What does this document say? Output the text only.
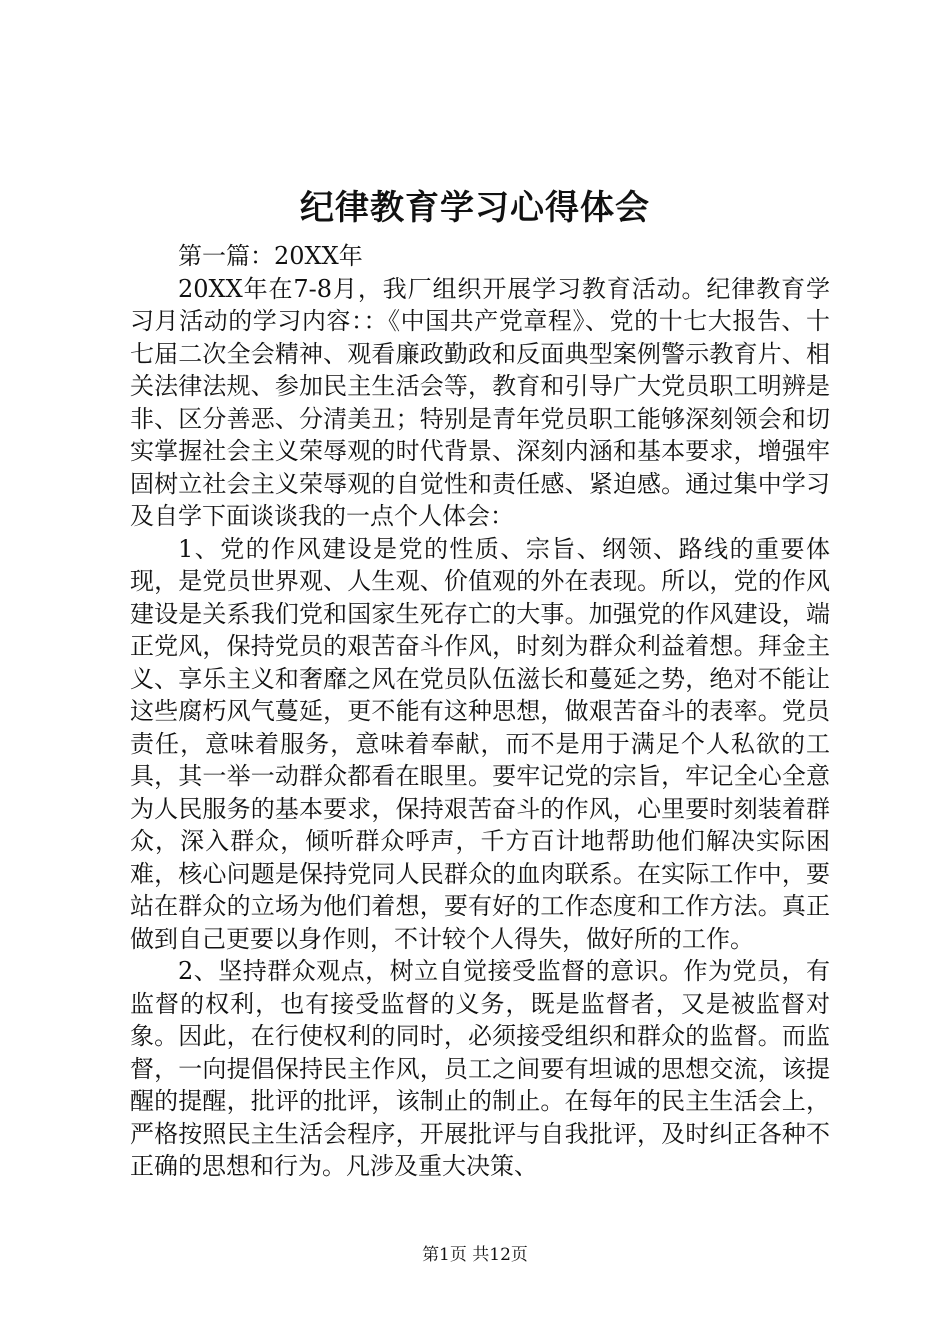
纪律教育学习心得体会

第一篇：20XX年

20XX年在7-8月，我厂组织开展学习教育活动。纪律教育学习月活动的学习内容：：《中国共产党章程》、党的十七大报告、十七届二次全会精神、观看廉政勤政和反面典型案例警示教育片、相关法律法规、参加民主生活会等，教育和引导广大党员职工明辨是非、区分善恶、分清美丑；特别是青年党员职工能够深刻领会和切实掌握社会主义荣辱观的时代背景、深刻内涵和基本要求，增强牢固树立社会主义荣辱观的自觉性和责任感、紧迫感。通过集中学习及自学下面谈谈我的一点个人体会：

1、党的作风建设是党的性质、宗旨、纲领、路线的重要体现，是党员世界观、人生观、价值观的外在表现。所以，党的作风建设是关系我们党和国家生死存亡的大事。加强党的作风建设，端正党风，保持党员的艰苦奋斗作风，时刻为群众利益着想。拜金主义、享乐主义和奢靡之风在党员队伍滋长和蔓延之势，绝对不能让这些腐朽风气蔓延，更不能有这种思想，做艰苦奋斗的表率。党员责任，意味着服务，意味着奉献，而不是用于满足个人私欲的工具，其一举一动群众都看在眼里。要牢记党的宗旨，牢记全心全意为人民服务的基本要求，保持艰苦奋斗的作风，心里要时刻装着群众，深入群众，倾听群众呼声，千方百计地帮助他们解决实际困难，核心问题是保持党同人民群众的血肉联系。在实际工作中，要站在群众的立场为他们着想，要有好的工作态度和工作方法。真正做到自己更要以身作则，不计较个人得失，做好所的工作。

2、坚持群众观点，树立自觉接受监督的意识。作为党员，有监督的权利，也有接受监督的义务，既是监督者，又是被监督对象。因此，在行使权利的同时，必须接受组织和群众的监督。而监督，一向提倡保持民主作风，员工之间要有坦诚的思想交流，该提醒的提醒，批评的批评，该制止的制止。在每年的民主生活会上，严格按照民主生活会程序，开展批评与自我批评，及时纠正各种不正确的思想和行为。凡涉及重大决策、

第1页 共12页
